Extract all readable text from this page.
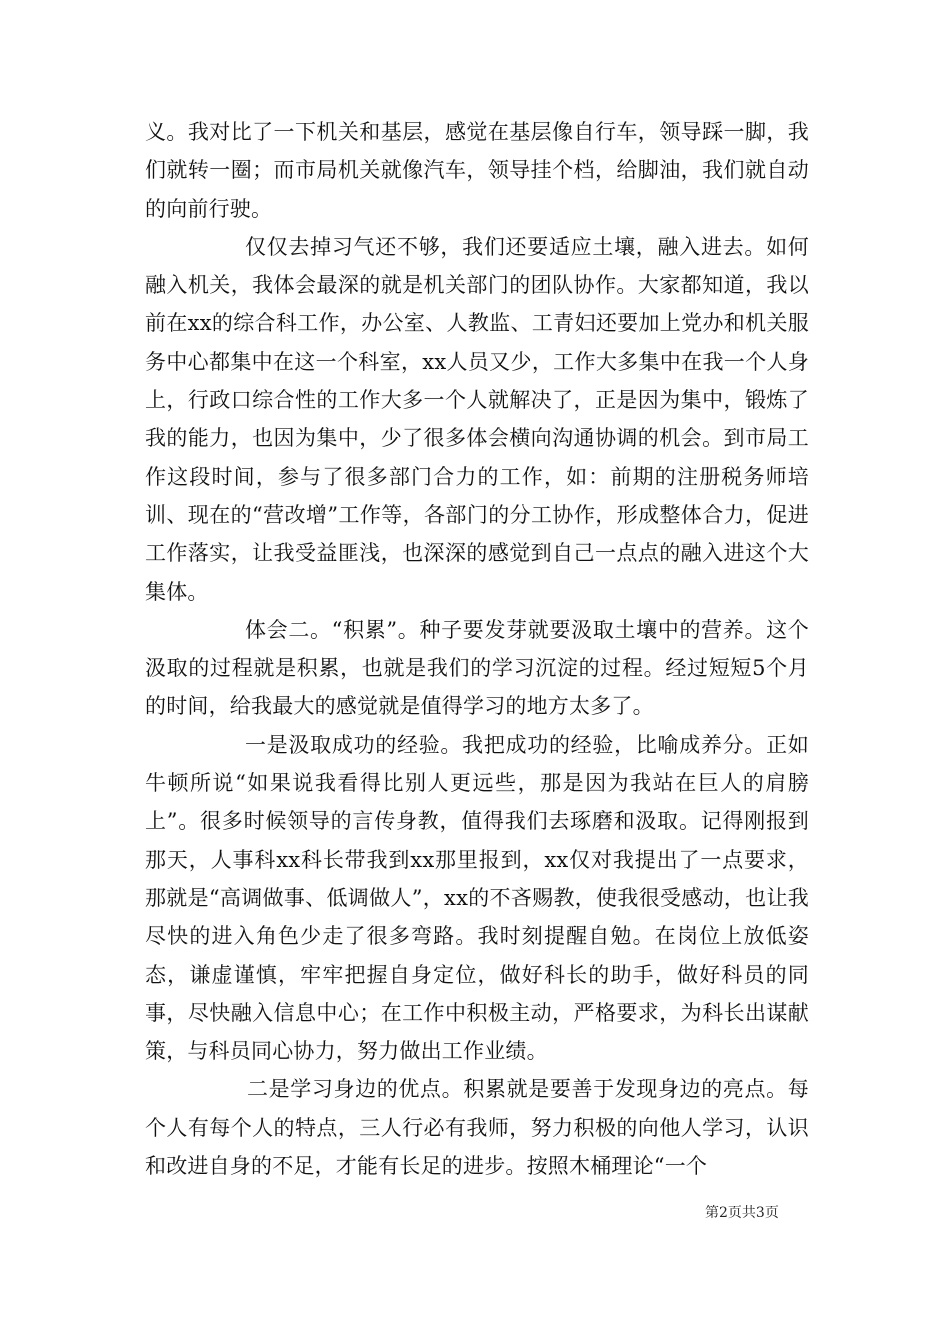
义。我对比了一下机关和基层，感觉在基层像自行车，领导踩一脚，我们就转一圈；而市局机关就像汽车，领导挂个档，给脚油，我们就自动的向前行驶。

仅仅去掉习气还不够，我们还要适应土壤，融入进去。如何融入机关，我体会最深的就是机关部门的团队协作。大家都知道，我以前在xx的综合科工作，办公室、人教监、工青妇还要加上党办和机关服务中心都集中在这一个科室，xx人员又少，工作大多集中在我一个人身上，行政口综合性的工作大多一个人就解决了，正是因为集中，锻炼了我的能力，也因为集中，少了很多体会横向沟通协调的机会。到市局工作这段时间，参与了很多部门合力的工作，如：前期的注册税务师培训、现在的“营改增”工作等，各部门的分工协作，形成整体合力，促进工作落实，让我受益匪浅，也深深的感觉到自己一点点的融入进这个大集体。

体会二。“积累”。种子要发芽就要汲取土壤中的营养。这个汲取的过程就是积累，也就是我们的学习沉淀的过程。经过短短5个月的时间，给我最大的感觉就是值得学习的地方太多了。

一是汲取成功的经验。我把成功的经验，比喻成养分。正如牛顿所说“如果说我看得比别人更远些，那是因为我站在巨人的肩膀上”。很多时候领导的言传身教，值得我们去琢磨和汲取。记得刚报到那天，人事科xx科长带我到xx那里报到，xx仅对我提出了一点要求，那就是“高调做事、低调做人”，xx的不吝赐教，使我很受感动，也让我尽快的进入角色少走了很多弯路。我时刻提醒自勉。在岗位上放低姿态，谦虚谨慎，牢牢把握自身定位，做好科长的助手，做好科员的同事，尽快融入信息中心；在工作中积极主动，严格要求，为科长出谋献策，与科员同心协力，努力做出工作业绩。

二是学习身边的优点。积累就是要善于发现身边的亮点。每个人有每个人的特点，三人行必有我师，努力积极的向他人学习，认识和改进自身的不足，才能有长足的进步。按照木桶理论“一个

第2页共3页
